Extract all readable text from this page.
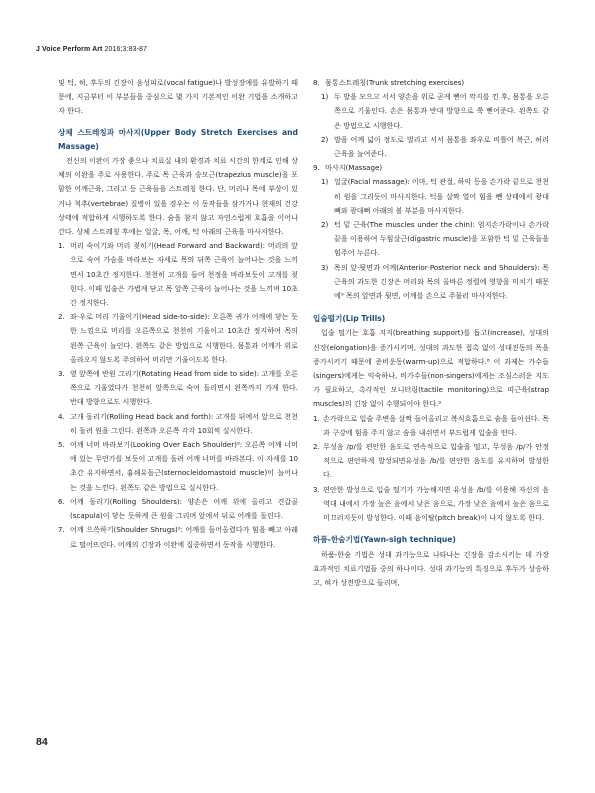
J Voice Perform Art 2016;3:83-87

및 턱, 혀, 후두의 긴장이 음성피로(vocal fatigue)나 발성장애를 유발하기 때문에, 지금부터 이 부분들을 중심으로 몇 가지 기본적인 이완 기법을 소개하고자 한다.

상체 스트레칭과 마사지(Upper Body Stretch Exercises and Massage)

전신의 이완이 가장 좋으나 치료실 내의 환경과 치료 시간의 한계로 인해 상체의 이완을 주로 사용한다. 주로 목 근육과 승모근(trapezius muscle)을 포함한 어깨근육, 그리고 등 근육들을 스트레칭 한다. 단, 머리나 목에 부상이 있거나 척추(vertebrae) 질병이 있을 경우는 이 동작들을 삼가거나 현재의 건강상태에 적합하게 시행하도록 한다. 숨을 참지 않고 자연스럽게 호흡을 이어나간다. 상체 스트레칭 후에는 얼굴, 목, 어깨, 턱 아래의 근육을 마사지한다.

1. 머리 숙이기와 머리 젖히기(Head Forward and Backward): 머리의 앞으로 숙여 가슴을 바라보는 자세로 목의 뒤쪽 근육이 늘어나는 것을 느끼면서 10초간 정지한다. 천천히 고개를 들어 천정을 바라보듯이 고개를 젖힌다. 이때 입술은 가볍게 닫고 목 앞쪽 근육이 늘어나는 것을 느끼며 10초간 정지한다.
2. 좌·우로 머리 기울이기(Head side-to-side): 오른쪽 귀가 어깨에 닿는 듯한 느낌으로 머리를 오른쪽으로 천천히 기울이고 10초간 정지하여 목의 왼쪽 근육이 늘인다. 왼쪽도 같은 방법으로 시행한다. 몸통과 어깨가 위로 올라오지 않도록 주의하여 머리만 기울이도록 한다.
3. 옆 앞쪽에 반원 그리기(Rotating Head from side to side): 고개를 오른쪽으로 기울였다가 천천히 앞쪽으로 숙여 돌리면서 왼쪽까지 가게 한다. 반대 방향으로도 시행한다.
4. 고개 돌리기(Rolling Head back and forth): 고개를 뒤에서 앞으로 천천히 돌려 원을 그린다. 왼쪽과 오른쪽 각각 10회씩 실시한다.
5. 어깨 너머 바라보기(Looking Over Each Shoulder)⁹: 오른쪽 어깨 너머에 있는 무언가를 보듯이 고개를 돌려 어깨 너머를 바라본다. 이 자세를 10초간 유지하면서, 흉쇄유돌근(sternocleidomastoid muscle)이 늘어나는 것을 느낀다. 왼쪽도 같은 방법으로 실시한다.
6. 어깨 돌리기(Rolling Shoulders): 양손은 어깨 위에 올리고 견갑골(scapula)이 닿는 듯하게 큰 원을 그리며 앞에서 뒤로 어깨를 돌린다.
7. 어깨 으쓱하기(Shoulder Shrugs)⁹: 어깨를 들어올렸다가 힘을 빼고 아래로 떨어뜨린다. 어깨의 긴장과 이완에 집중하면서 동작을 시행한다.
8. 몸통스트레칭(Trunk stretching exercises)
1) 두 발을 모으고 서서 양손을 위로 곧게 뻗어 깍지를 낀 후, 몸통을 오른쪽으로 기울인다. 손은 몸통과 반대 방향으로 쭉 뻗어준다. 왼쪽도 같은 방법으로 시행한다.
2) 발을 어깨 넓이 정도로 벌리고 서서 몸통을 좌우로 비틀어 복근, 허리근육을 늘여준다.
9. 마사지(Massage)
1) 얼굴(Facial massage): 이마, 턱 관절, 하악 등을 손가락 끝으로 천천히 원을 그리듯이 마사지한다. 턱을 살짝 열어 힘을 뺀 상태에서 광대뼈와 광대뼈 아래의 볼 부분을 마사지한다.
2) 턱 밑 근육(The muscles under the chin): 엄지손가락이나 손가락 끝을 이용하여 두힘살근(digastric muscle)을 포함한 턱 밑 근육들을 힘주어 누른다.
3) 목의 앞·뒷면과 어깨(Anterior·Posterior neck and Shoulders): 목 근육의 과도한 긴장은 머리와 목의 올바른 정렬에 영향을 미치기 때문에⁹ 목의 앞면과 뒷면, 어깨를 손으로 주물러 마사지한다.

입술떨기(Lip Trills)

입술 떨기는 호흡 지지(breathing support)를 돕고(increase), 성대의 신장(elongation)을 증가시키며, 성대의 과도한 접촉 없이 성대진동의 폭을 증가시키기 때문에 준비운동(warm-up)으로 적합하다.⁸ 이 과제는 가수들(singers)에게는 익숙하나, 비가수들(non-singers)에게는 조심스러운 지도가 필요하고, 촉각적인 모니터링(tactile monitoring)으로 띠근육(strap muscles)의 긴장 없이 수행되어야 한다.⁹

1. 손가락으로 입술 주변을 살짝 들어올리고 복식호흡으로 숨을 들이쉰다. 목과 구강에 힘을 주지 않고 숨을 내쉬면서 부드럽게 입술을 떤다.
2. 무성음 /p/를 편안한 음도로 연속적으로 입술을 떨고, 무성음 /p/가 안정적으로 편안하게 발성되면유성음 /b/를 편안한 음도를 유지하며 발성한다.
3. 편안한 발성으로 입술 떨기가 가능해지면 유성음 /b/를 이용해 자신의 음역대 내에서 가장 높은 음에서 낮은 음으로, 가장 낮은 음에서 높은 음으로 미끄러지듯이 발성한다. 이때 음이탈(pitch break)이 나지 않도록 한다.

하품-한숨기법(Yawn-sigh technique)

하품-한숨 기법은 성대 과기능으로 나타나는 긴장을 감소시키는 데 가장 효과적인 치료기법들 중의 하나이다. 성대 과기능의 특징으로 후두가 상승하고, 혀가 상전방으로 들리며,

84
